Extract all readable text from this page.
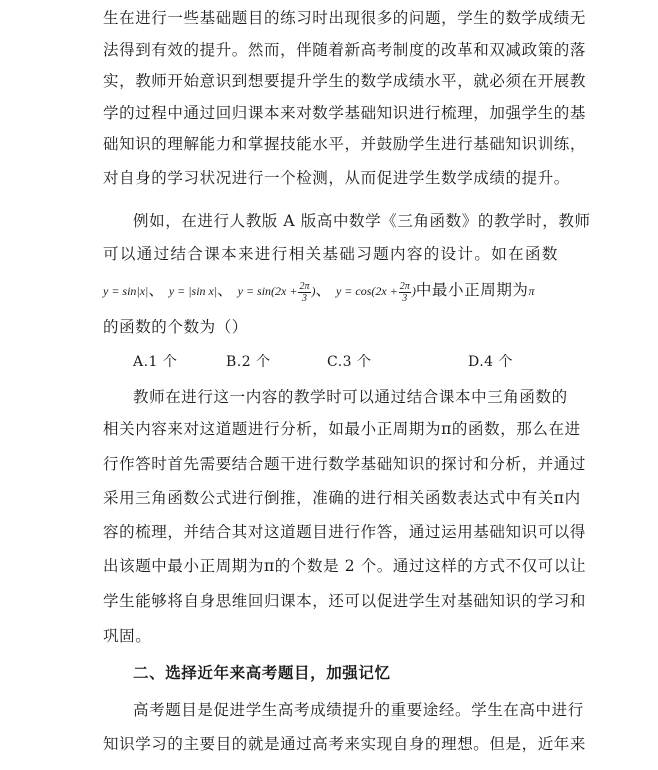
生在进行一些基础题目的练习时出现很多的问题，学生的数学成绩无
法得到有效的提升。然而，伴随着新高考制度的改革和双减政策的落
实，教师开始意识到想要提升学生的数学成绩水平，就必须在开展教
学的过程中通过回归课本来对数学基础知识进行梳理，加强学生的基
础知识的理解能力和掌握技能水平，并鼓励学生进行基础知识训练，
对自身的学习状况进行一个检测，从而促进学生数学成绩的提升。
例如，在进行人教版 A 版高中数学《三角函数》的教学时，教师
可以通过结合课本来进行相关基础习题内容的设计。如在函数
y = sin|x|、 y = |sin x|、 $y = \sin(2x + \frac{2\pi}{3}$ )、 $y = \cos(2x + \frac{2\pi}{3}$ )中最小正周期为π
的函数的个数为（）
A.1 个	B.2 个	C.3 个	D.4 个
教师在进行这一内容的教学时可以通过结合课本中三角函数的
相关内容来对这道题进行分析，如最小正周期为π的函数，那么在进
行作答时首先需要结合题干进行数学基础知识的探讨和分析，并通过
采用三角函数公式进行倒推，准确的进行相关函数表达式中有关π内
容的梳理，并结合其对这道题目进行作答，通过运用基础知识可以得
出该题中最小正周期为π的个数是 2 个。通过这样的方式不仅可以让
学生能够将自身思维回归课本，还可以促进学生对基础知识的学习和
巩固。
二、选择近年来高考题目，加强记忆
高考题目是促进学生高考成绩提升的重要途经。学生在高中进行
知识学习的主要目的就是通过高考来实现自身的理想。但是，近年来
